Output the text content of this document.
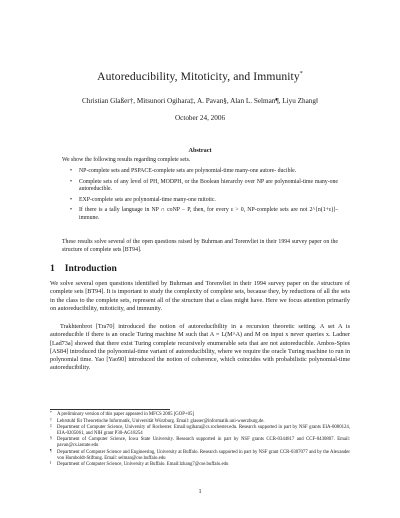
Autoreducibility, Mitoticity, and Immunity*
Christian Glaßer†, Mitsunori Ogihara‡, A. Pavan§, Alan L. Selman¶, Liyu Zhang‖
October 24, 2006
Abstract
We show the following results regarding complete sets.
• NP-complete sets and PSPACE-complete sets are polynomial-time many-one autore- ducible.
• Complete sets of any level of PH, MODPH, or the Boolean hierarchy over NP are polynomial-time many-one autoreducible.
• EXP-complete sets are polynomial-time many-one mitotic.
• If there is a tally language in NP ∩ coNP − P, then, for every ε > 0, NP-complete sets are not 2^{n(1+ε)}-immune.
These results solve several of the open questions raised by Buhrman and Torenvliet in their 1994 survey paper on the structure of complete sets [BT94].
1 Introduction

We solve several open questions identified by Buhrman and Torenvliet in their 1994 survey paper on the structure of complete sets [BT94]. It is important to study the complexity of complete sets, because they, by reductions of all the sets in the class to the complete sets, represent all of the structure that a class might have. Here we focus attention primarily on autoreducibility, mitoticity, and immunity.

Trakhtenbrot [Tra70] introduced the notion of autoreducibility in a recursion theoretic setting. A set A is autoreducible if there is an oracle Turing machine M such that A = L(M^A) and M on input x never queries x. Ladner [Lad73a] showed that there exist Turing complete recursively enumerable sets that are not autoreducible. Ambos-Spies [AS84] introduced the polynomial-time variant of autoreducibility, where we require the oracle Turing machine to run in polynomial time. Yao [Yao90] introduced the notion of coherence, which coincides with probabilistic polynomial-time autoreducibility.

* A preliminary version of this paper appeared in MFCS 2005 [GOP+05]
† Lehrstuhl für Theoretische Informatik, Universität Würzburg. Email: glasser@informatik.uni-wuerzburg.de.
‡ Department of Computer Science, University of Rochester. Email:ogihara@cs.rochester.edu. Research supported in part by NSF grants EIA-0080124, EIA-0205061, and NIH grant P30-AG18254
§ Department of Computer Science, Iowa State University. Research supported in part by NSF grants CCR-0344817 and CCF-0430807. Email: pavan@cs.iastate.edu
¶ Department of Computer Science and Engineering, University at Buffalo. Research supported in part by NSF grant CCR-0307077 and by the Alexander von Humboldt-Stiftung. Email: selman@cse.buffalo.edu
‖ Department of Computer Science, University at Buffalo. Email:lzhang7@cse.buffalo.edu
1
